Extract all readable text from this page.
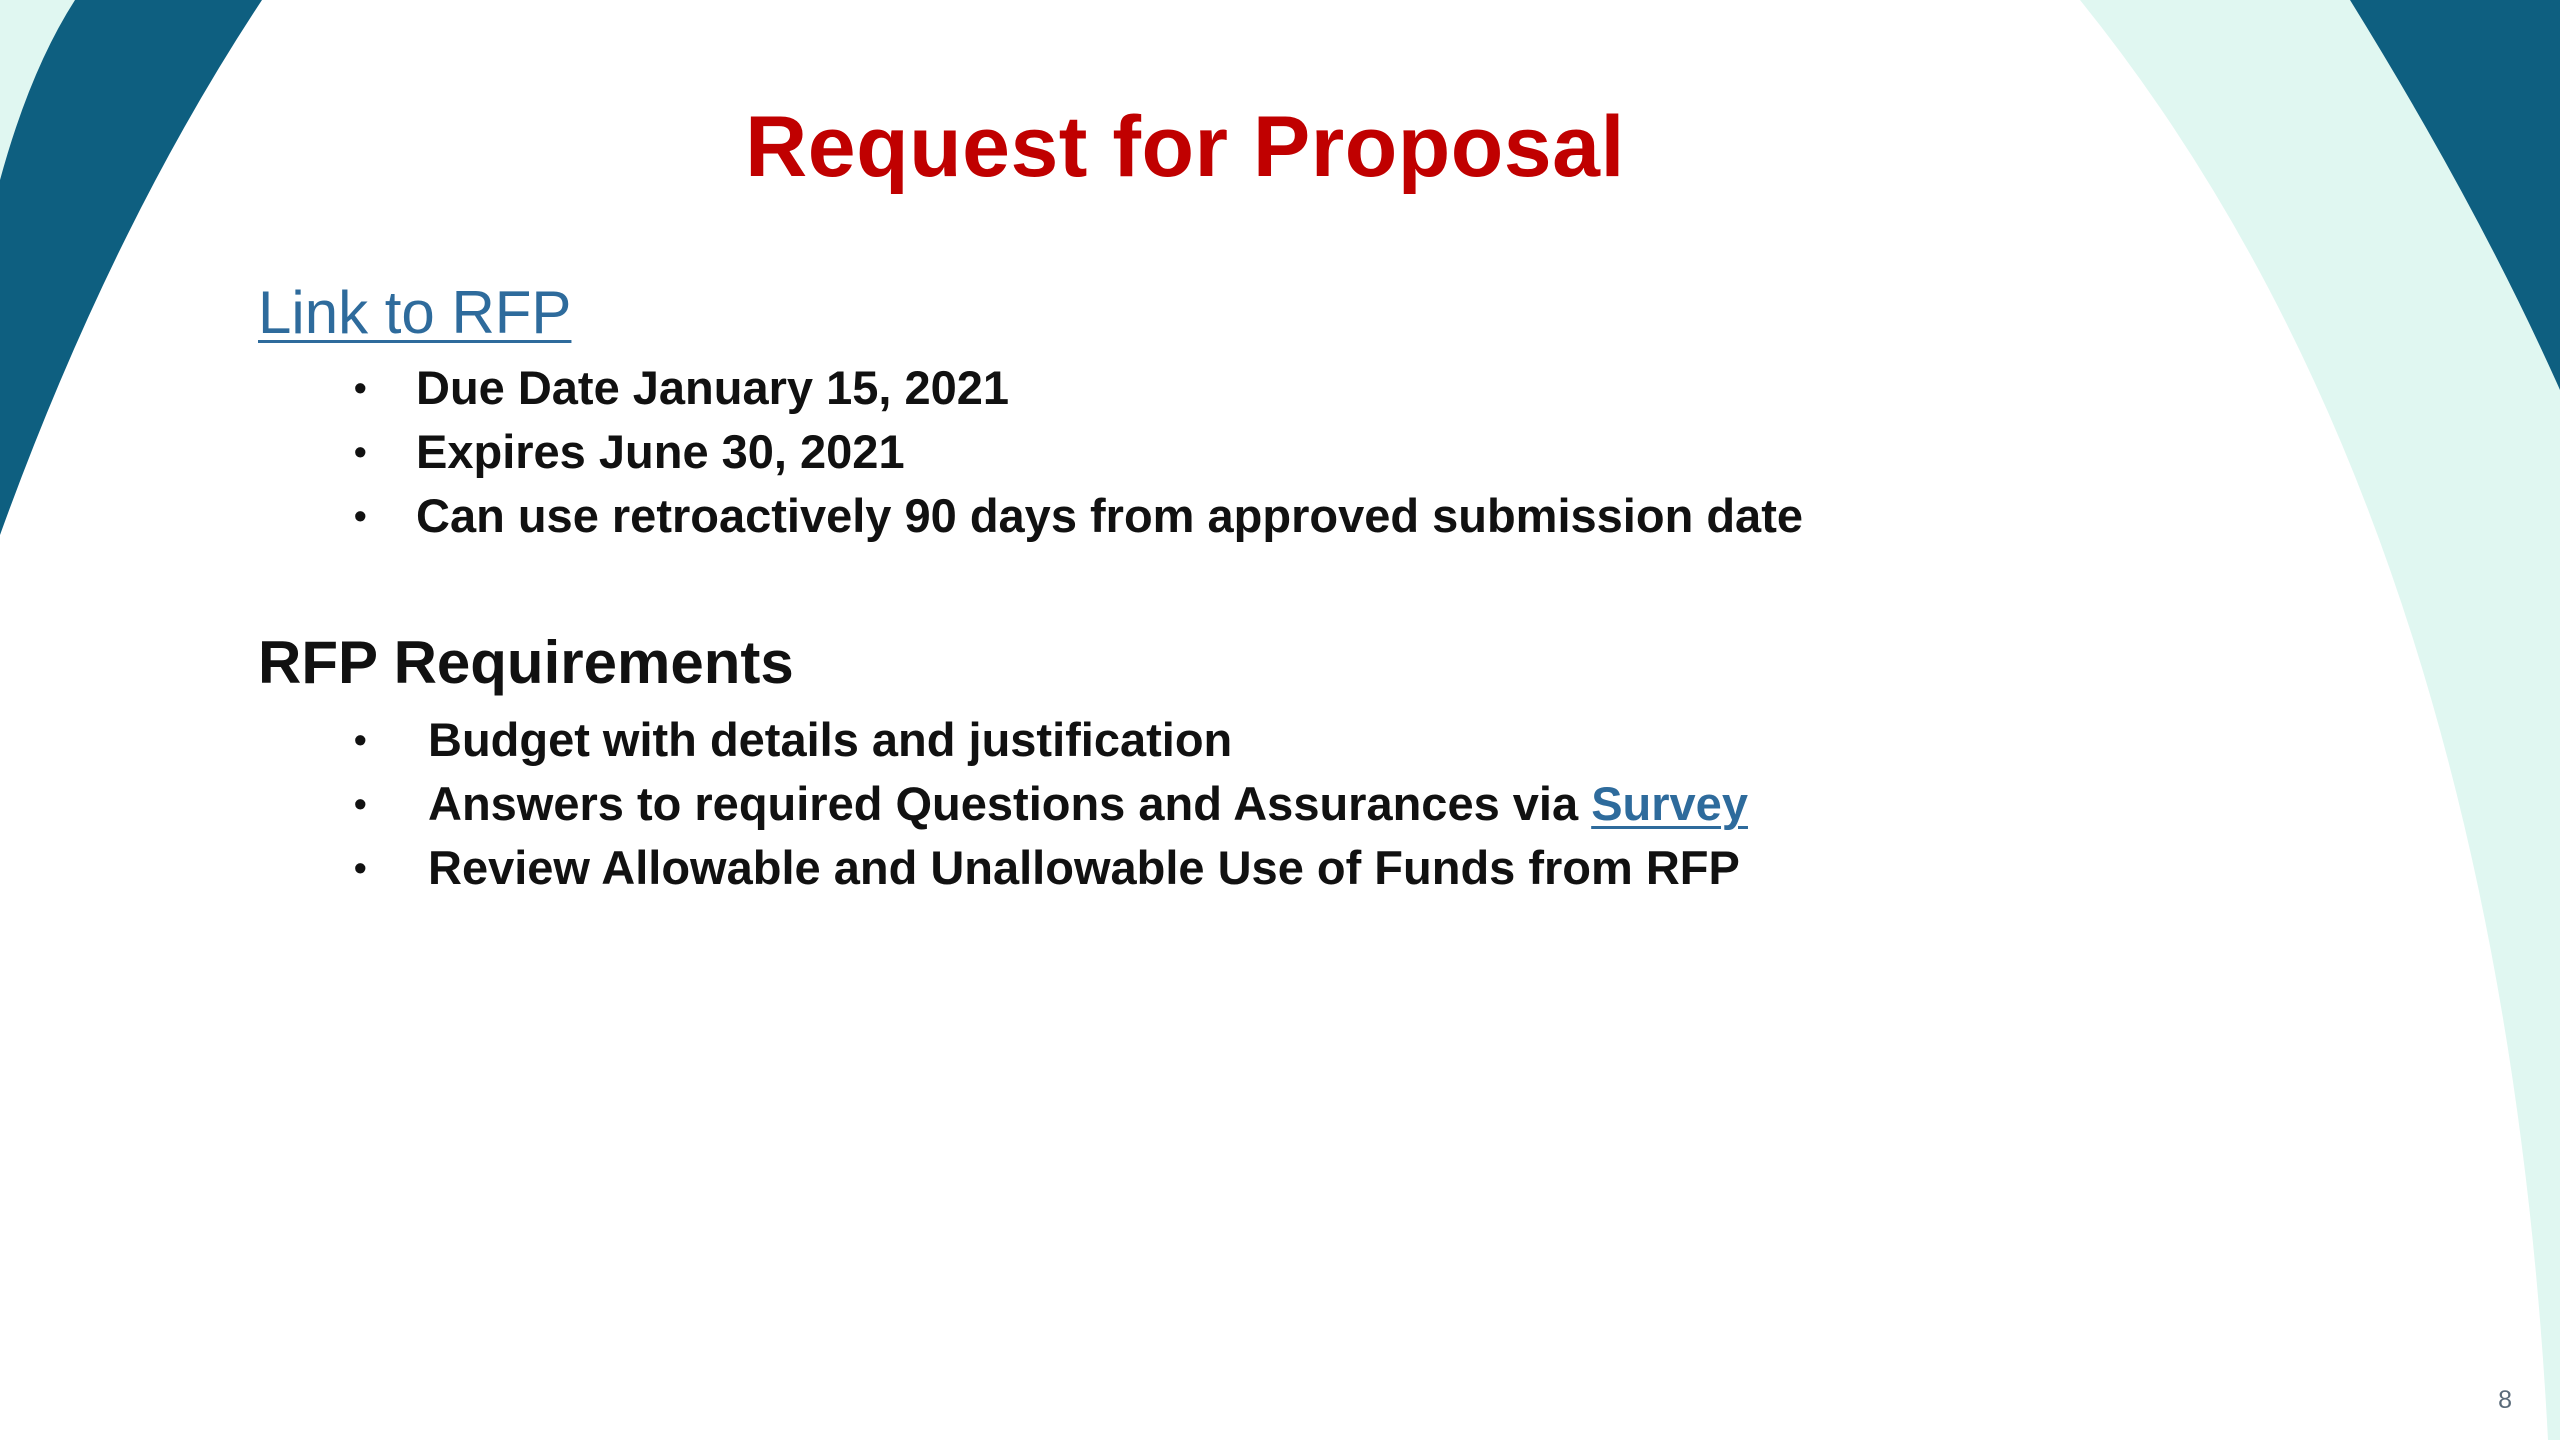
Request for Proposal
Link to RFP
• Due Date January 15, 2021
• Expires June 30, 2021
• Can use retroactively 90 days from approved submission date
RFP Requirements
• Budget with details and justification
• Answers to required Questions and Assurances via Survey
• Review Allowable and Unallowable Use of Funds from RFP
8
